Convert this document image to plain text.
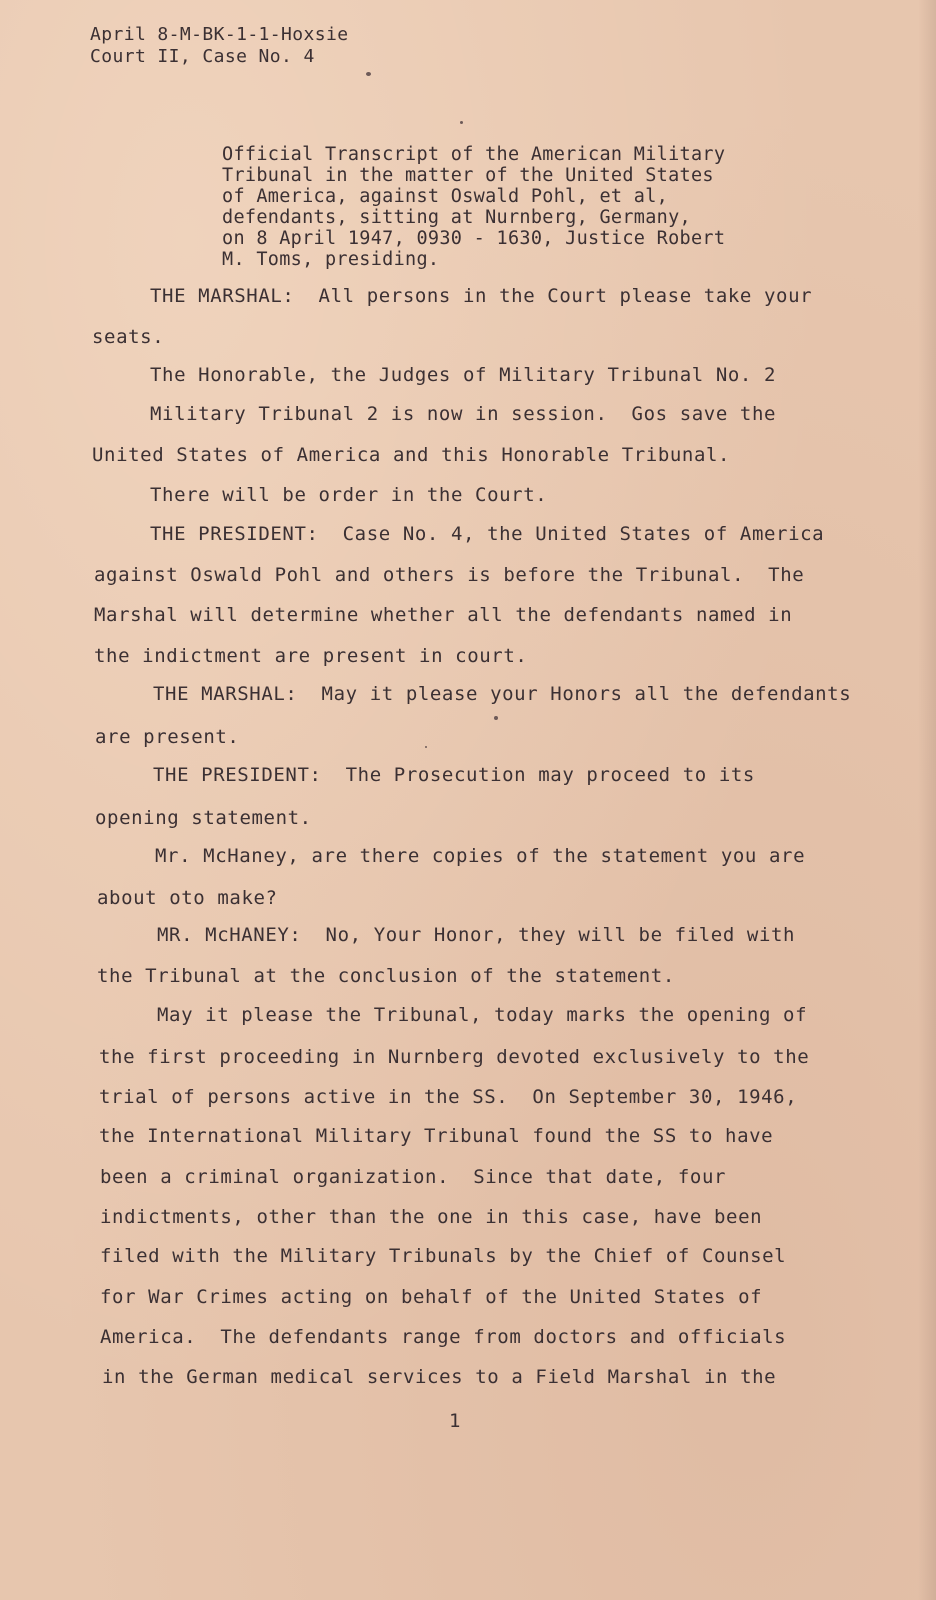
April 8-M-BK-1-1-Hoxsie

Court II, Case No. 4

Official Transcript of the American Military

Tribunal in the matter of the United States

of America, against Oswald Pohl, et al,

defendants, sitting at Nurnberg, Germany,

on 8 April 1947, 0930 - 1630, Justice Robert

M. Toms, presiding.

THE MARSHAL:  All persons in the Court please take your

seats.

The Honorable, the Judges of Military Tribunal No. 2

Military Tribunal 2 is now in session.  Gos save the

United States of America and this Honorable Tribunal.

There will be order in the Court.

THE PRESIDENT:  Case No. 4, the United States of America

against Oswald Pohl and others is before the Tribunal.  The

Marshal will determine whether all the defendants named in

the indictment are present in court.

THE MARSHAL:  May it please your Honors all the defendants

are present.

THE PRESIDENT:  The Prosecution may proceed to its

opening statement.

Mr. McHaney, are there copies of the statement you are

about oto make?

MR. McHANEY:  No, Your Honor, they will be filed with

the Tribunal at the conclusion of the statement.

May it please the Tribunal, today marks the opening of

the first proceeding in Nurnberg devoted exclusively to the

trial of persons active in the SS.  On September 30, 1946,

the International Military Tribunal found the SS to have

been a criminal organization.  Since that date, four

indictments, other than the one in this case, have been

filed with the Military Tribunals by the Chief of Counsel

for War Crimes acting on behalf of the United States of

America.  The defendants range from doctors and officials

in the German medical services to a Field Marshal in the

1
